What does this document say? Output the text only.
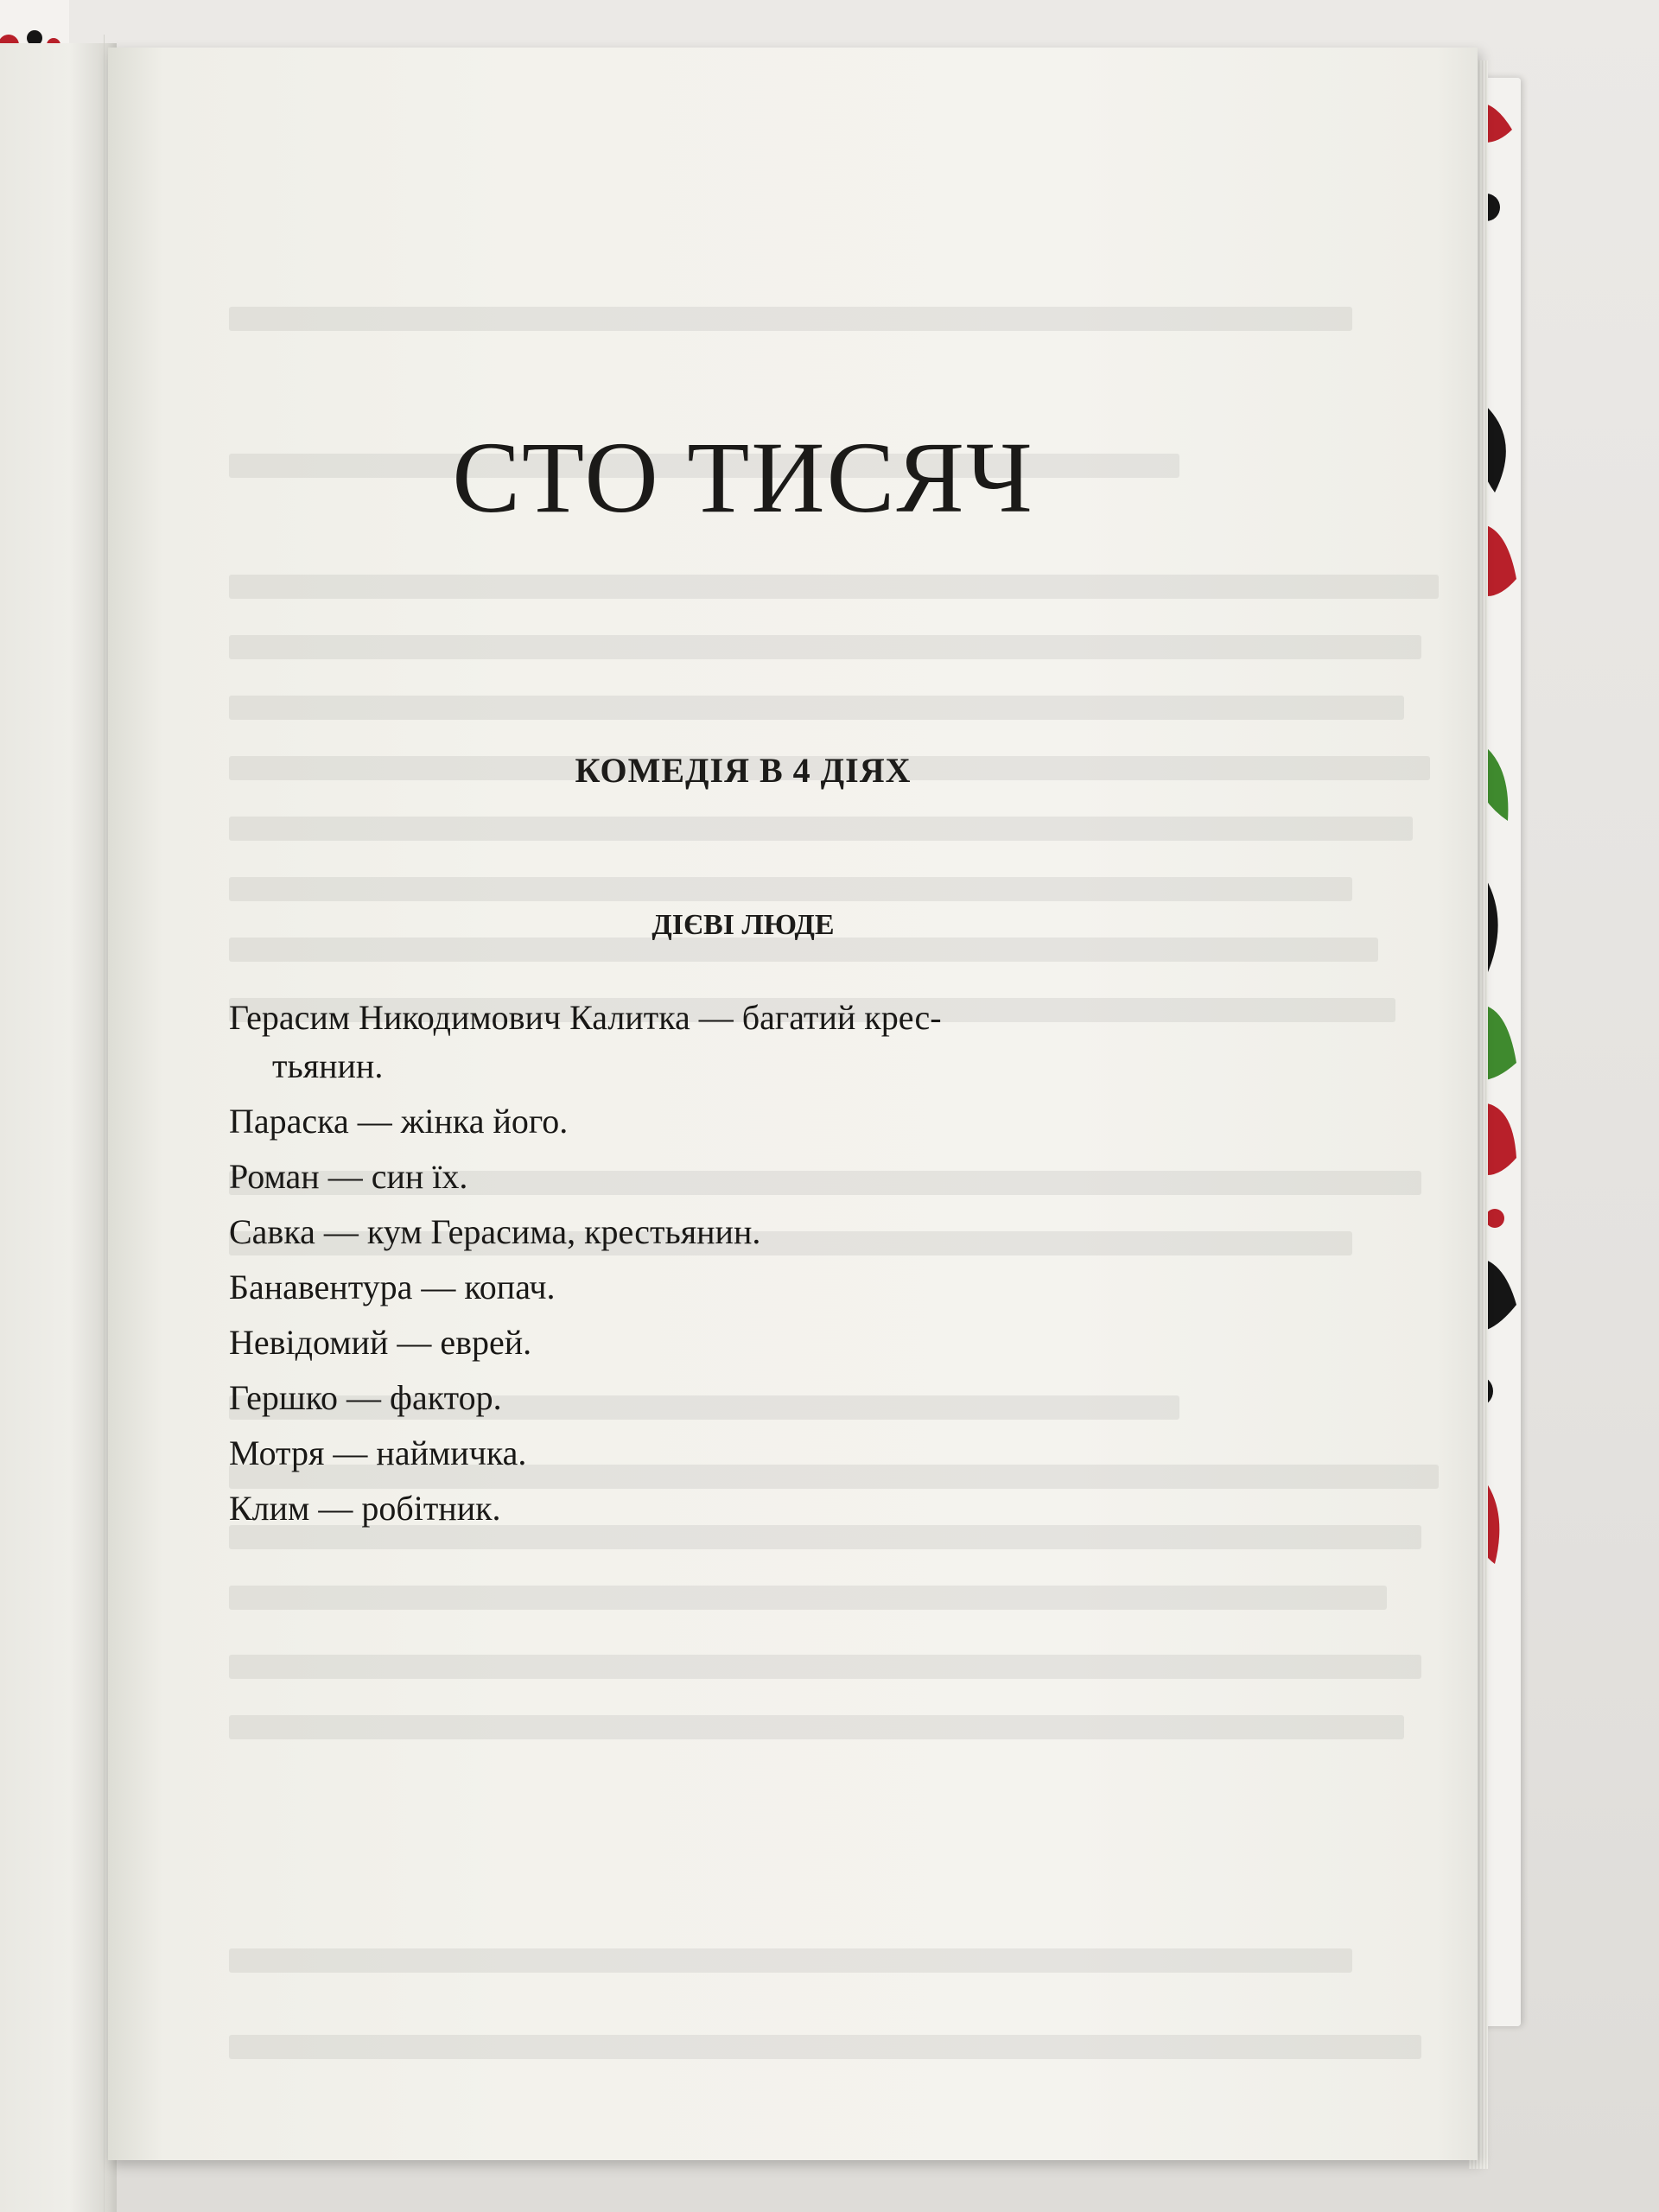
СТО ТИСЯЧ
КОМЕДІЯ В 4 ДІЯХ
ДІЄВІ ЛЮДЕ
Герасим Никодимович Калитка — багатий крес-
тьянин.
Параска — жінка його.
Роман — син їх.
Савка — кум Герасима, крестьянин.
Банавентура — копач.
Невідомий — еврей.
Гершко — фактор.
Мотря — наймичка.
Клим — робітник.
